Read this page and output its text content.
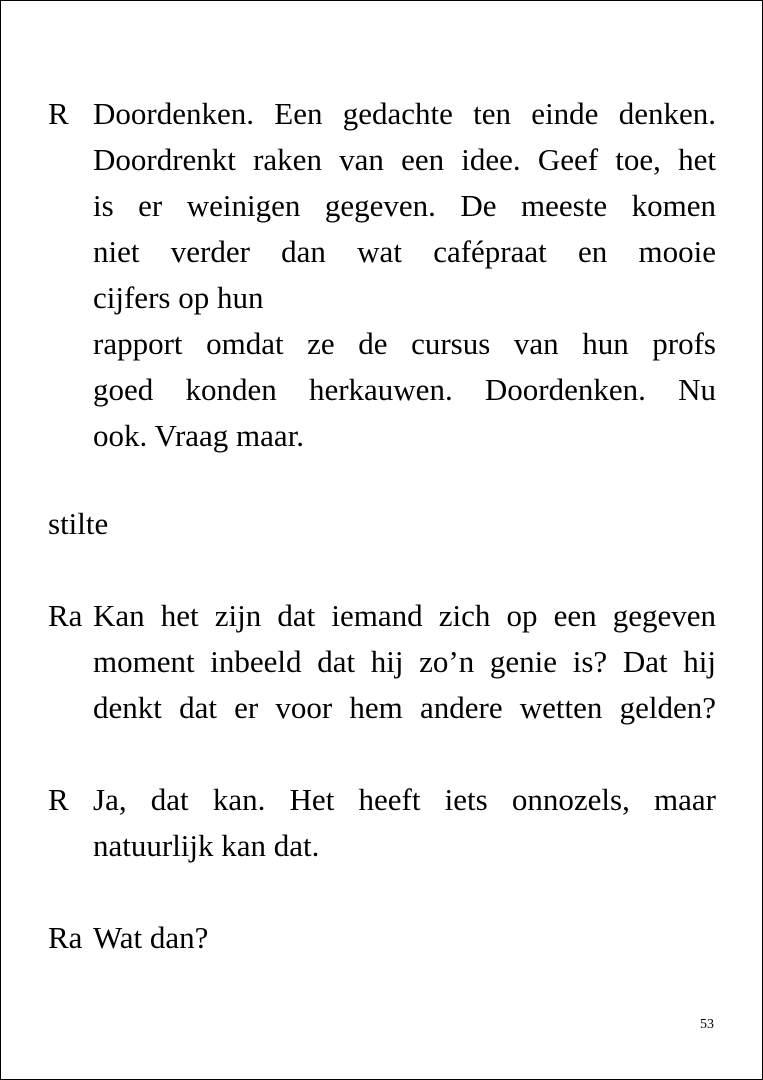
R Doordenken. Een gedachte ten einde denken.
Doordrenkt raken van een idee. Geef toe, het
is er weinigen gegeven. De meeste komen
niet verder dan wat cafépraat en mooie
cijfers op hun
rapport omdat ze de cursus van hun profs
goed konden herkauwen. Doordenken. Nu
ook. Vraag maar.
stilte
Ra Kan het zijn dat iemand zich op een gegeven
moment inbeeld dat hij zo’n genie is? Dat hij
denkt dat er voor hem andere wetten gelden?
R Ja, dat kan. Het heeft iets onnozels, maar
natuurlijk kan dat.
Ra Wat dan?
53
